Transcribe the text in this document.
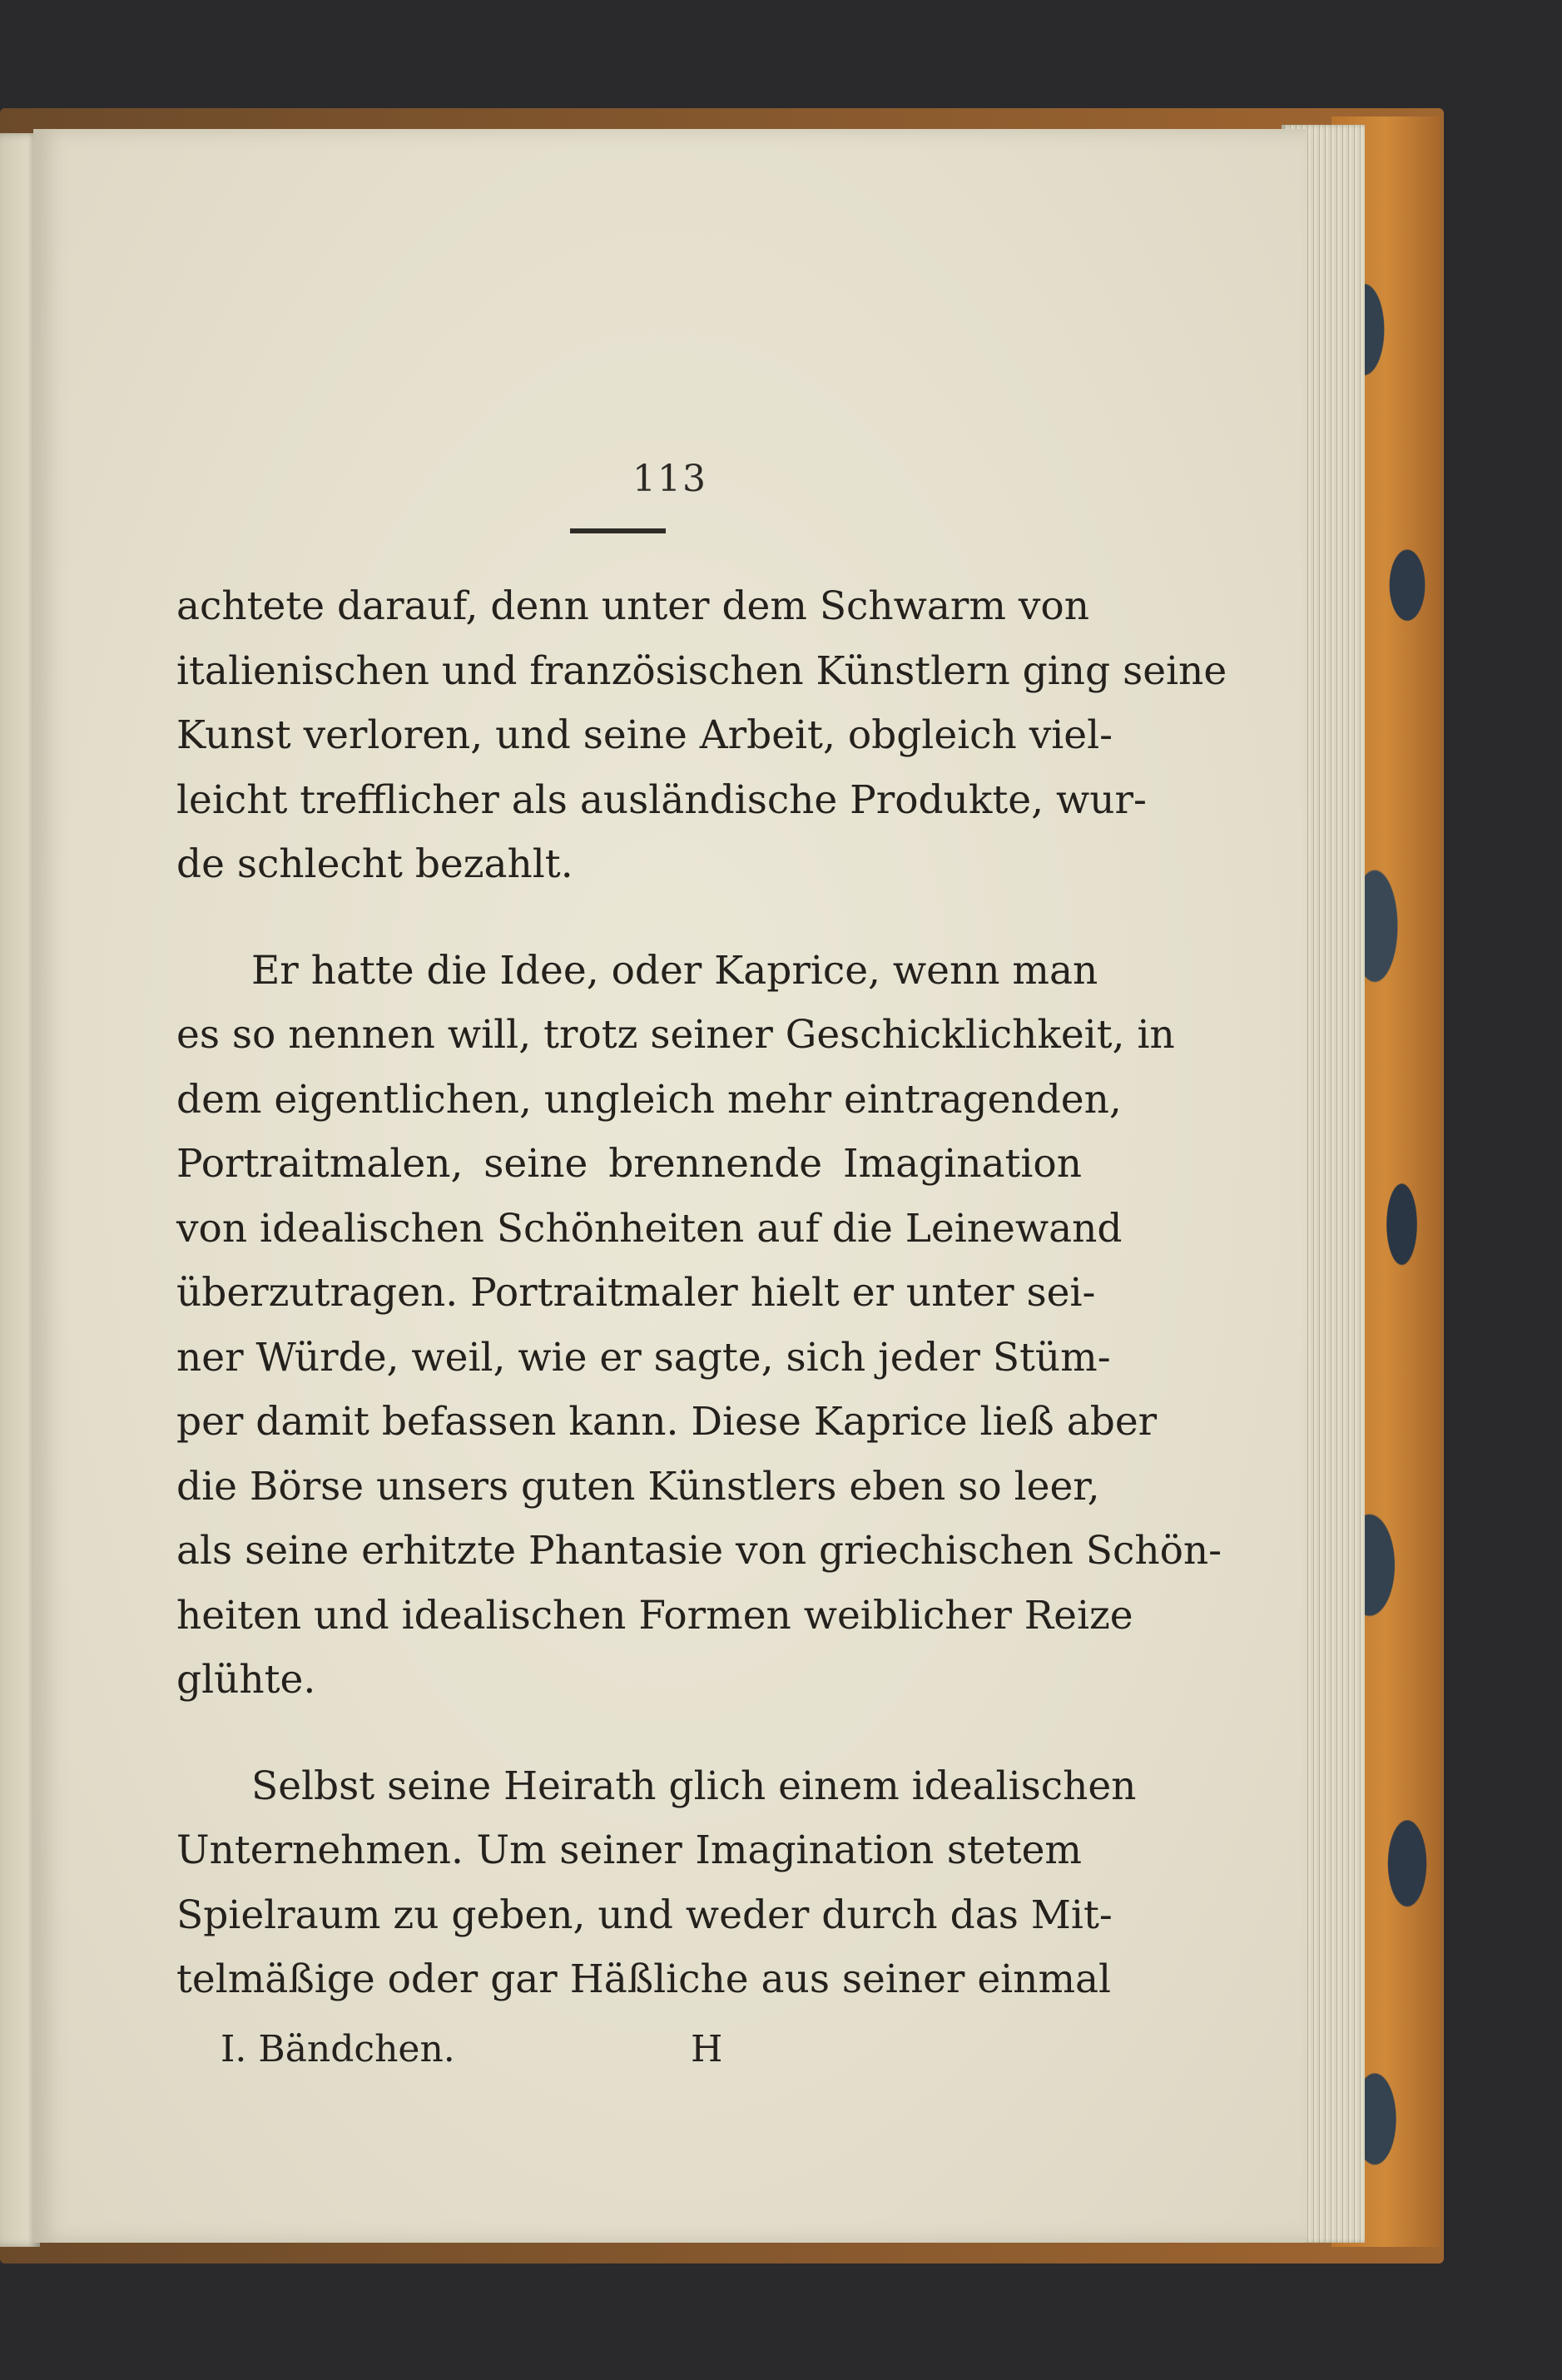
113

achtete darauf, denn unter dem Schwarm von
italienischen und französischen Künstlern ging seine
Kunst verloren, und seine Arbeit, obgleich viel-
leicht trefflicher als ausländische Produkte, wur-
de schlecht bezahlt.

Er hatte die Idee, oder Kaprice, wenn man
es so nennen will, trotz seiner Geschicklichkeit, in
dem eigentlichen, ungleich mehr eintragenden,
Portraitmalen, seine brennende Imagination
von idealischen Schönheiten auf die Leinewand
überzutragen. Portraitmaler hielt er unter sei-
ner Würde, weil, wie er sagte, sich jeder Stüm-
per damit befassen kann. Diese Kaprice ließ aber
die Börse unsers guten Künstlers eben so leer,
als seine erhitzte Phantasie von griechischen Schön-
heiten und idealischen Formen weiblicher Reize
glühte.

Selbst seine Heirath glich einem idealischen
Unternehmen. Um seiner Imagination stetem
Spielraum zu geben, und weder durch das Mit-
telmäßige oder gar Häßliche aus seiner einmal

I. Bändchen.	H
